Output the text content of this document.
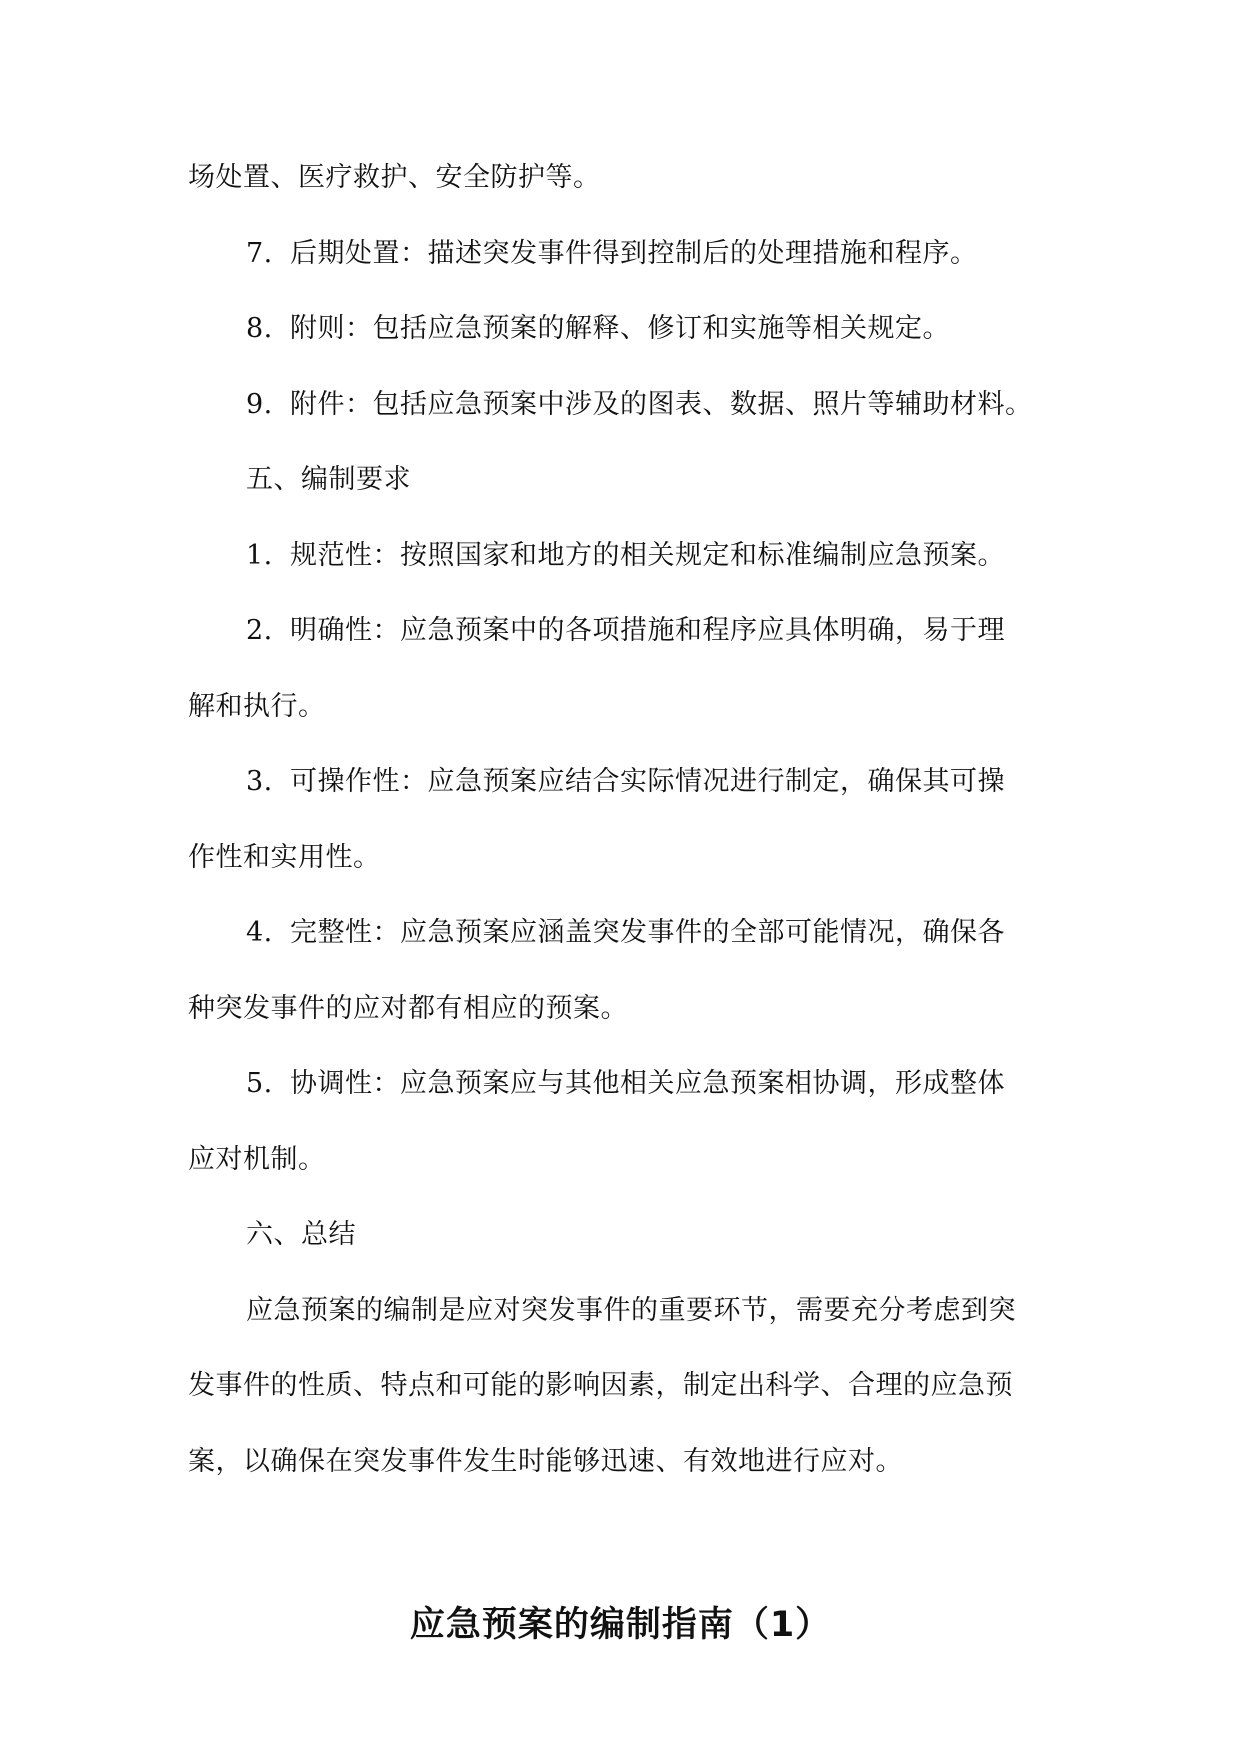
场处置、医疗救护、安全防护等。
7. 后期处置：描述突发事件得到控制后的处理措施和程序。
8. 附则：包括应急预案的解释、修订和实施等相关规定。
9. 附件：包括应急预案中涉及的图表、数据、照片等辅助材料。
五、编制要求
1. 规范性：按照国家和地方的相关规定和标准编制应急预案。
2. 明确性：应急预案中的各项措施和程序应具体明确，易于理
解和执行。
3. 可操作性：应急预案应结合实际情况进行制定，确保其可操
作性和实用性。
4. 完整性：应急预案应涵盖突发事件的全部可能情况，确保各
种突发事件的应对都有相应的预案。
5. 协调性：应急预案应与其他相关应急预案相协调，形成整体
应对机制。
六、总结
应急预案的编制是应对突发事件的重要环节，需要充分考虑到突
发事件的性质、特点和可能的影响因素，制定出科学、合理的应急预
案，以确保在突发事件发生时能够迅速、有效地进行应对。
应急预案的编制指南（1）
